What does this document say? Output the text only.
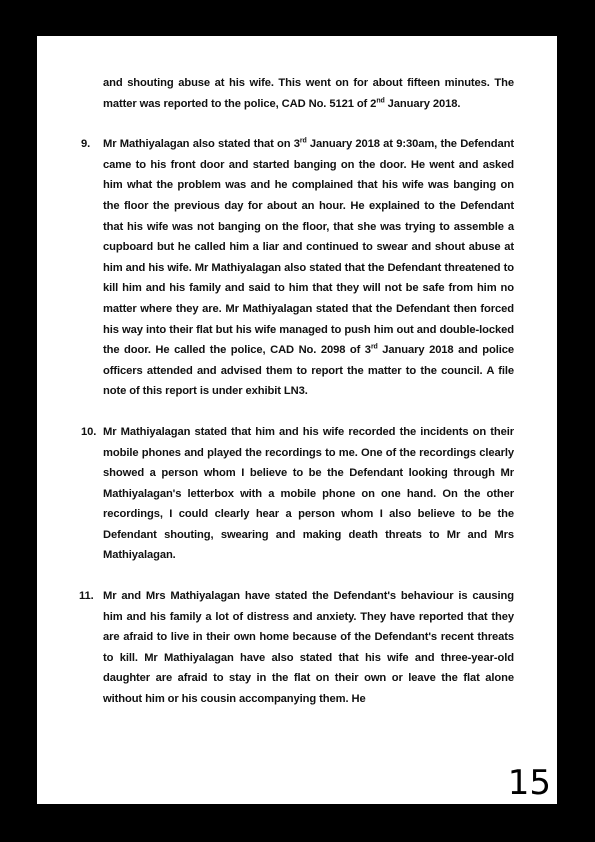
and shouting abuse at his wife. This went on for about fifteen minutes. The matter was reported to the police, CAD No. 5121 of 2nd January 2018.

9.	Mr Mathiyalagan also stated that on 3rd January 2018 at 9:30am, the Defendant came to his front door and started banging on the door. He went and asked him what the problem was and he complained that his wife was banging on the floor the previous day for about an hour. He explained to the Defendant that his wife was not banging on the floor, that she was trying to assemble a cupboard but he called him a liar and continued to swear and shout abuse at him and his wife. Mr Mathiyalagan also stated that the Defendant threatened to kill him and his family and said to him that they will not be safe from him no matter where they are. Mr Mathiyalagan stated that the Defendant then forced his way into their flat but his wife managed to push him out and double-locked the door. He called the police, CAD No. 2098 of 3rd January 2018 and police officers attended and advised them to report the matter to the council. A file note of this report is under exhibit LN3.

10. Mr Mathiyalagan stated that him and his wife recorded the incidents on their mobile phones and played the recordings to me. One of the recordings clearly showed a person whom I believe to be the Defendant looking through Mr Mathiyalagan's letterbox with a mobile phone on one hand. On the other recordings, I could clearly hear a person whom I also believe to be the Defendant shouting, swearing and making death threats to Mr and Mrs Mathiyalagan.

11. Mr and Mrs Mathiyalagan have stated the Defendant's behaviour is causing him and his family a lot of distress and anxiety. They have reported that they are afraid to live in their own home because of the Defendant's recent threats to kill. Mr Mathiyalagan have also stated that his wife and three-year-old daughter are afraid to stay in the flat on their own or leave the flat alone without him or his cousin accompanying them. He

15
